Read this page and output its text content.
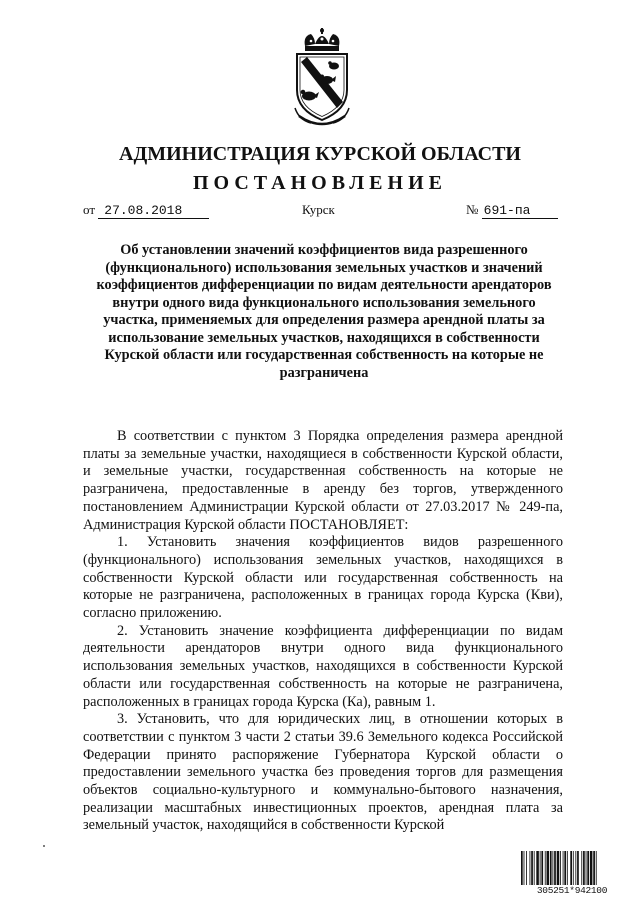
АДМИНИСТРАЦИЯ КУРСКОЙ ОБЛАСТИ
ПОСТАНОВЛЕНИЕ
от 27.08.2018	Курск	№ 691-па
Об установлении значений коэффициентов вида разрешенного
(функционального) использования земельных участков и значений
коэффициентов дифференциации по видам деятельности арендаторов
внутри одного вида функционального использования земельного
участка, применяемых для определения размера арендной платы за
использование земельных участков, находящихся в собственности
Курской области или государственная собственность на которые не
разграничена

В соответствии с пунктом 3 Порядка определения размера арендной платы за земельные участки, находящиеся в собственности Курской области, и земельные участки, государственная собственность на которые не разграничена, предоставленные в аренду без торгов, утвержденного постановлением Администрации Курской области от 27.03.2017 № 249-па, Администрация Курской области ПОСТАНОВЛЯЕТ:

1. Установить значения коэффициентов видов разрешенного (функционального) использования земельных участков, находящихся в собственности Курской области или государственная собственность на которые не разграничена, расположенных в границах города Курска (Кви), согласно приложению.

2. Установить значение коэффициента дифференциации по видам деятельности арендаторов внутри одного вида функционального использования земельных участков, находящихся в собственности Курской области или государственная собственность на которые не разграничена, расположенных в границах города Курска (Ка), равным 1.

3. Установить, что для юридических лиц, в отношении которых в соответствии с пунктом 3 части 2 статьи 39.6 Земельного кодекса Российской Федерации принято распоряжение Губернатора Курской области о предоставлении земельного участка без проведения торгов для размещения объектов социально-культурного и коммунально-бытового назначения, реализации масштабных инвестиционных проектов, арендная плата за земельный участок, находящийся в собственности Курской

305251*942100
